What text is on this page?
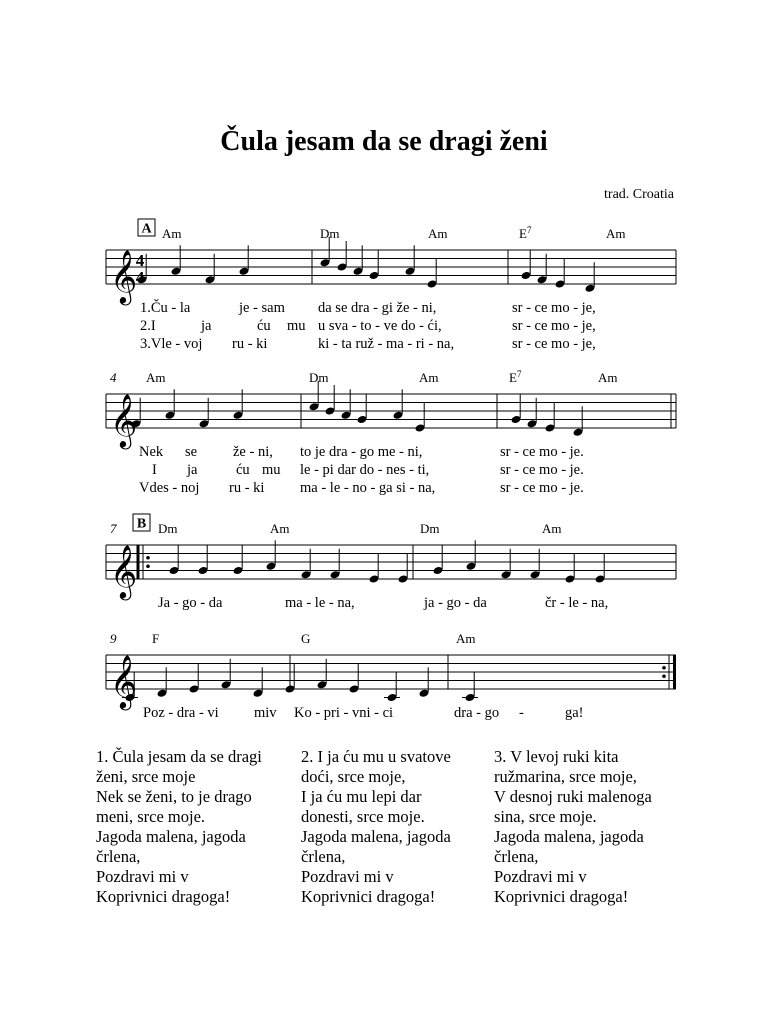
Čula jesam da se dragi ženi
trad. Croatia
Am	Dm	Am	$E^7$	Am
1.Ču - la	je - sam da se dra - gi že - ni,	sr - ce mo - je,
2.I	ja	ću mu u sva - to - ve do - ći,	sr - ce mo - je,
3.Vle - voj ru - ki	ki - ta ruž - ma - ri - na,	sr - ce mo - je,
𝄞
4
4
A
Am	Dm	Am	$E^7$	Am
Nek se že - ni, to je dra - go me - ni,	sr - ce mo - je.
I ja	ću mu le - pi dar do - nes - ti,	sr - ce mo - je.
Vdes - noj ru - ki ma - le - no - ga si - na,	sr - ce mo - je.
𝄞
4
Dm	Am	Dm	Am
Ja - go - da	ma - le - na,	ja - go - da	čr - le - na,
𝄞
B
7
F	G	Am
Poz - dra - vi miv Ko - pri - vni - ci	dra - go -	ga!
𝄞
9
1. Čula jesam da se dragi
ženi, srce moje
Nek se ženi, to je drago
meni, srce moje.
Jagoda malena, jagoda
črlena,
Pozdravi mi v
Koprivnici dragoga!
2. I ja ću mu u svatove
doći, srce moje,
I ja ću mu lepi dar
donesti, srce moje.
Jagoda malena, jagoda
črlena,
Pozdravi mi v
Koprivnici dragoga!
3. V levoj ruki kita
ružmarina, srce moje,
V desnoj ruki malenoga
sina, srce moje.
Jagoda malena, jagoda
črlena,
Pozdravi mi v
Koprivnici dragoga!
